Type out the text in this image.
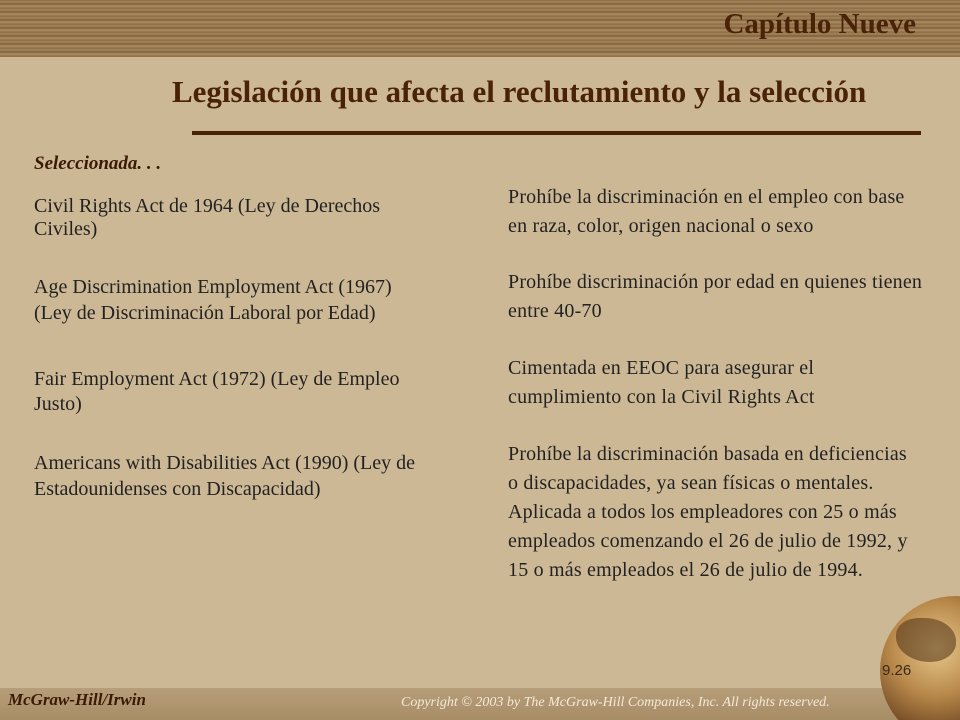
Capítulo Nueve
Legislación que afecta el reclutamiento y la selección
Seleccionada. . .

Civil Rights Act de 1964 (Ley de Derechos Civiles)

Age Discrimination Employment Act (1967) (Ley de Discriminación Laboral por Edad)

Fair Employment Act (1972) (Ley de Empleo Justo)

Americans with Disabilities Act (1990) (Ley de Estadounidenses con Discapacidad)

Prohíbe la discriminación en el empleo con base en raza, color, origen nacional o sexo

Prohíbe discriminación por edad en quienes tienen entre 40-70

Cimentada en EEOC para asegurar el cumplimiento con la Civil Rights Act

Prohíbe la discriminación basada en deficiencias o discapacidades, ya sean físicas o mentales. Aplicada a todos los empleadores con 25 o más empleados comenzando el 26 de julio de 1992, y 15 o más empleados el 26 de julio de 1994.

9.26
McGraw-Hill/Irwin	Copyright © 2003 by The McGraw-Hill Companies, Inc. All rights reserved.
